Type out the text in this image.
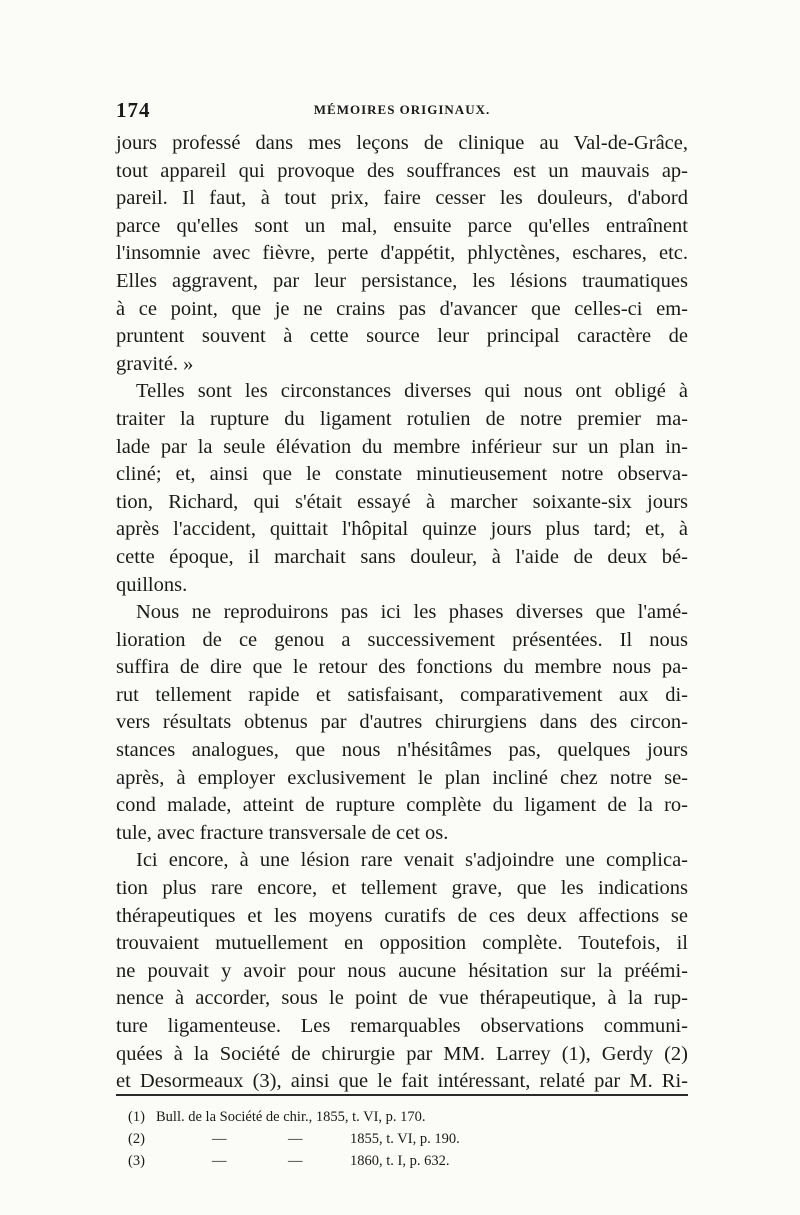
174	MÉMOIRES ORIGINAUX.
jours professé dans mes leçons de clinique au Val-de-Grâce,
tout appareil qui provoque des souffrances est un mauvais ap-
pareil. Il faut, à tout prix, faire cesser les douleurs, d'abord
parce qu'elles sont un mal, ensuite parce qu'elles entraînent
l'insomnie avec fièvre, perte d'appétit, phlyctènes, eschares, etc.
Elles aggravent, par leur persistance, les lésions traumatiques
à ce point, que je ne crains pas d'avancer que celles-ci em-
pruntent souvent à cette source leur principal caractère de
gravité. »
Telles sont les circonstances diverses qui nous ont obligé à
traiter la rupture du ligament rotulien de notre premier ma-
lade par la seule élévation du membre inférieur sur un plan in-
cliné; et, ainsi que le constate minutieusement notre observa-
tion, Richard, qui s'était essayé à marcher soixante-six jours
après l'accident, quittait l'hôpital quinze jours plus tard; et, à
cette époque, il marchait sans douleur, à l'aide de deux bé-
quillons.
Nous ne reproduirons pas ici les phases diverses que l'amé-
lioration de ce genou a successivement présentées. Il nous
suffira de dire que le retour des fonctions du membre nous pa-
rut tellement rapide et satisfaisant, comparativement aux di-
vers résultats obtenus par d'autres chirurgiens dans des circon-
stances analogues, que nous n'hésitâmes pas, quelques jours
après, à employer exclusivement le plan incliné chez notre se-
cond malade, atteint de rupture complète du ligament de la ro-
tule, avec fracture transversale de cet os.
Ici encore, à une lésion rare venait s'adjoindre une complica-
tion plus rare encore, et tellement grave, que les indications
thérapeutiques et les moyens curatifs de ces deux affections se
trouvaient mutuellement en opposition complète. Toutefois, il
ne pouvait y avoir pour nous aucune hésitation sur la préémi-
nence à accorder, sous le point de vue thérapeutique, à la rup-
ture ligamenteuse. Les remarquables observations communi-
quées à la Société de chirurgie par MM. Larrey (1), Gerdy (2)
et Desormeaux (3), ainsi que le fait intéressant, relaté par M. Ri-
(1) Bull. de la Société de chir., 1855, t. VI, p. 170.
(2)	—	—	1855, t. VI, p. 190.
(3)	—	—	1860, t. I, p. 632.
